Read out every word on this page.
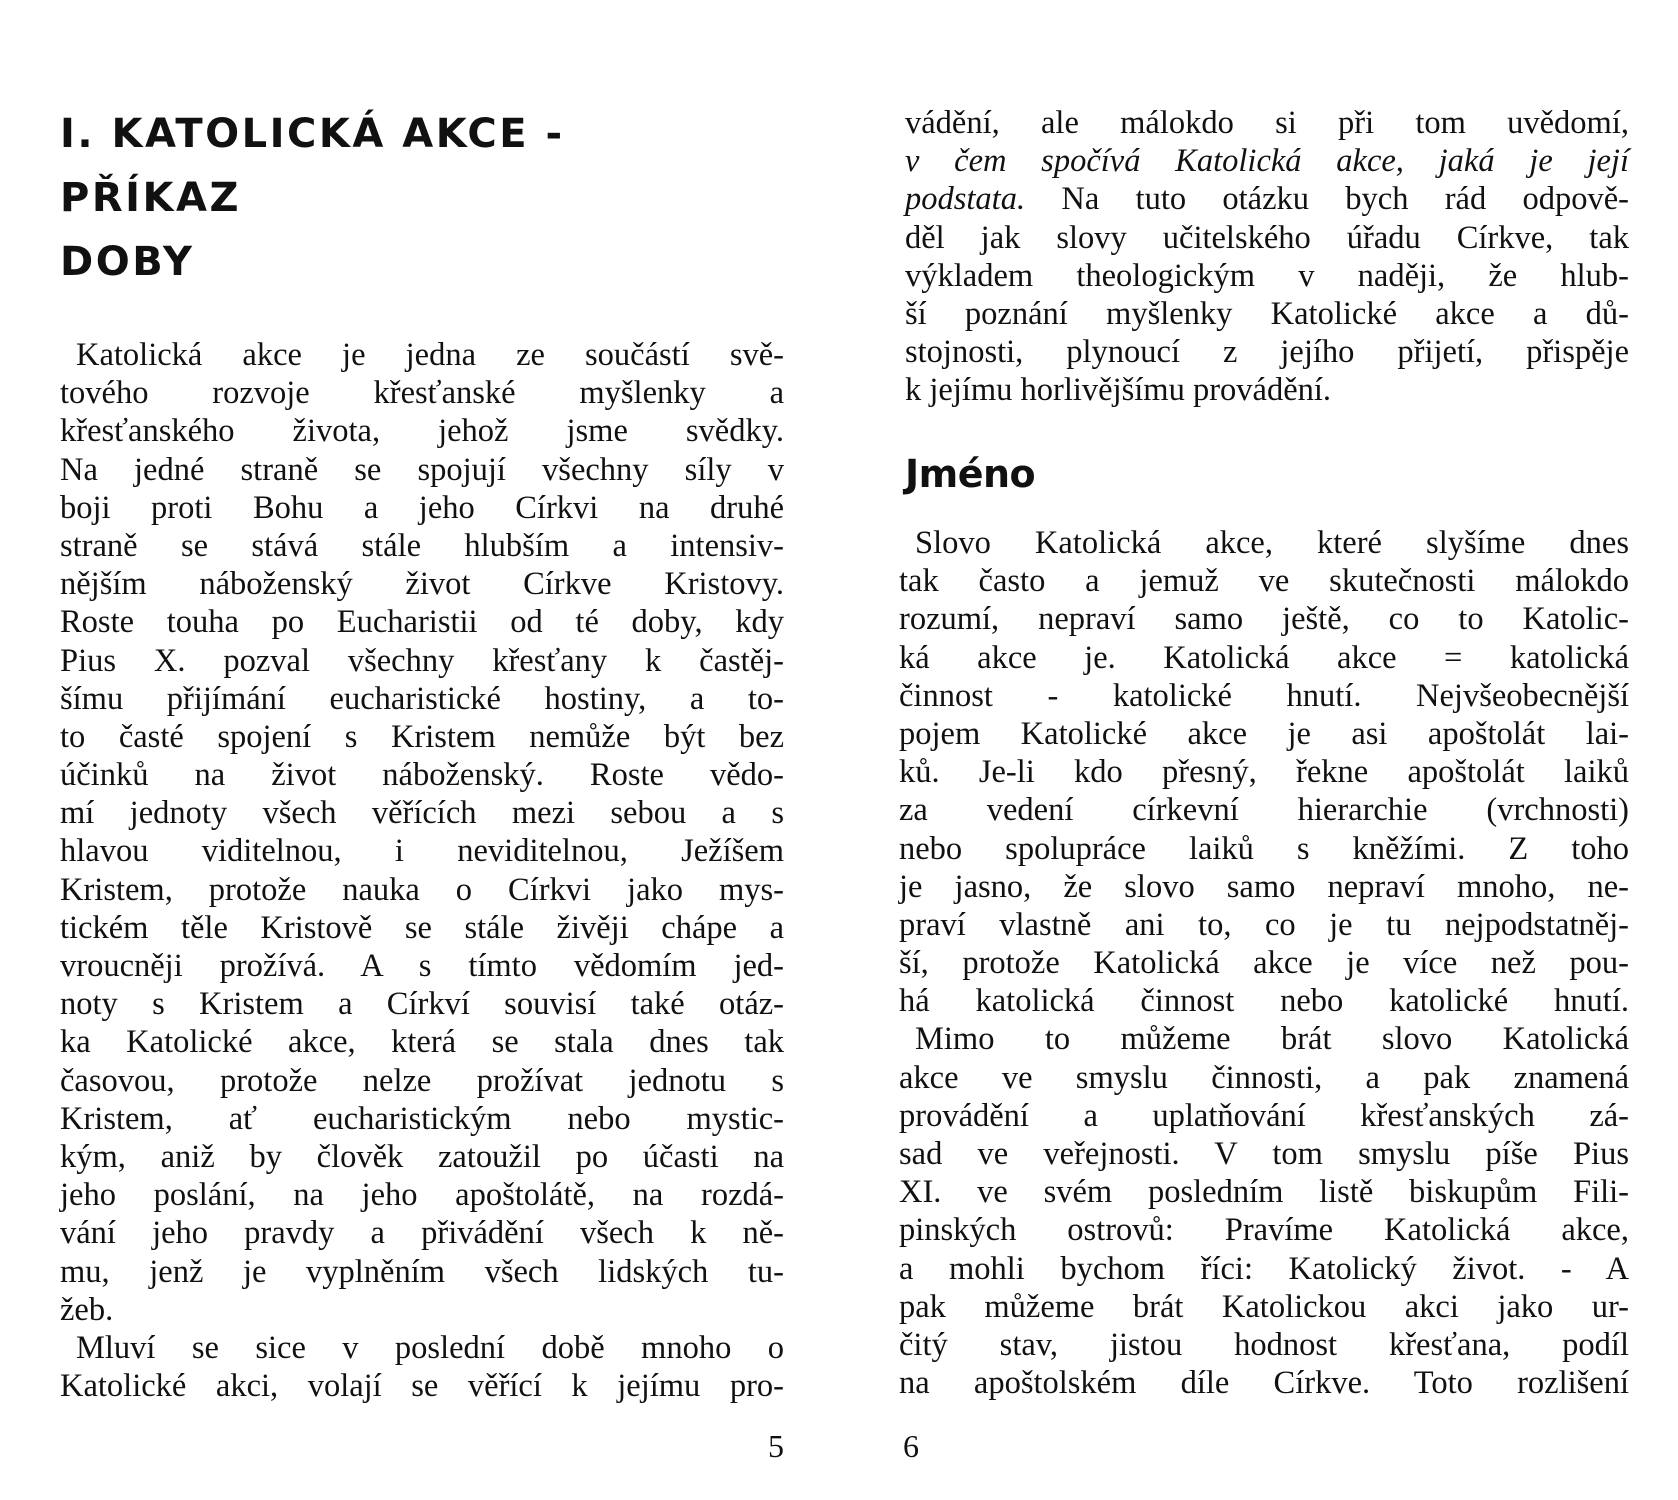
I. KATOLICKÁ AKCE - PŘÍKAZ
DOBY
Katolická akce je jedna ze součástí svě-
tového rozvoje křesťanské myšlenky a
křesťanského života, jehož jsme svědky.
Na jedné straně se spojují všechny síly v
boji proti Bohu a jeho Církvi na druhé
straně se stává stále hlubším a intensiv-
nějším náboženský život Církve Kristovy.
Roste touha po Eucharistii od té doby, kdy
Pius X. pozval všechny křesťany k častěj-
šímu přijímání eucharistické hostiny, a to-
to časté spojení s Kristem nemůže být bez
účinků na život náboženský. Roste vědo-
mí jednoty všech věřících mezi sebou a s
hlavou viditelnou, i neviditelnou, Ježíšem
Kristem, protože nauka o Církvi jako mys-
tickém těle Kristově se stále živěji chápe a
vroucněji prožívá. A s tímto vědomím jed-
noty s Kristem a Církví souvisí také otáz-
ka Katolické akce, která se stala dnes tak
časovou, protože nelze prožívat jednotu s
Kristem, ať eucharistickým nebo mystic-
kým, aniž by člověk zatoužil po účasti na
jeho poslání, na jeho apoštolátě, na rozdá-
vání jeho pravdy a přivádění všech k ně-
mu, jenž je vyplněním všech lidských tu-
žeb.
Mluví se sice v poslední době mnoho o
Katolické akci, volají se věřící k jejímu pro-
5
vádění, ale málokdo si při tom uvědomí,
v čem spočívá Katolická akce, jaká je její
podstata. Na tuto otázku bych rád odpově-
děl jak slovy učitelského úřadu Církve, tak
výkladem theologickým v naději, že hlub-
ší poznání myšlenky Katolické akce a dů-
stojnosti, plynoucí z jejího přijetí, přispěje
k jejímu horlivějšímu provádění.
Jméno
Slovo Katolická akce, které slyšíme dnes
tak často a jemuž ve skutečnosti málokdo
rozumí, nepraví samo ještě, co to Katolic-
ká akce je. Katolická akce = katolická
činnost - katolické hnutí. Nejvšeobecnější
pojem Katolické akce je asi apoštolát lai-
ků. Je-li kdo přesný, řekne apoštolát laiků
za vedení církevní hierarchie (vrchnosti)
nebo spolupráce laiků s kněžími. Z toho
je jasno, že slovo samo nepraví mnoho, ne-
praví vlastně ani to, co je tu nejpodstatněj-
ší, protože Katolická akce je více než pou-
há katolická činnost nebo katolické hnutí.
Mimo to můžeme brát slovo Katolická
akce ve smyslu činnosti, a pak znamená
provádění a uplatňování křesťanských zá-
sad ve veřejnosti. V tom smyslu píše Pius
XI. ve svém posledním listě biskupům Fili-
pinských ostrovů: Pravíme Katolická akce,
a mohli bychom říci: Katolický život. - A
pak můžeme brát Katolickou akci jako ur-
čitý stav, jistou hodnost křesťana, podíl
na apoštolském díle Církve. Toto rozlišení
6
